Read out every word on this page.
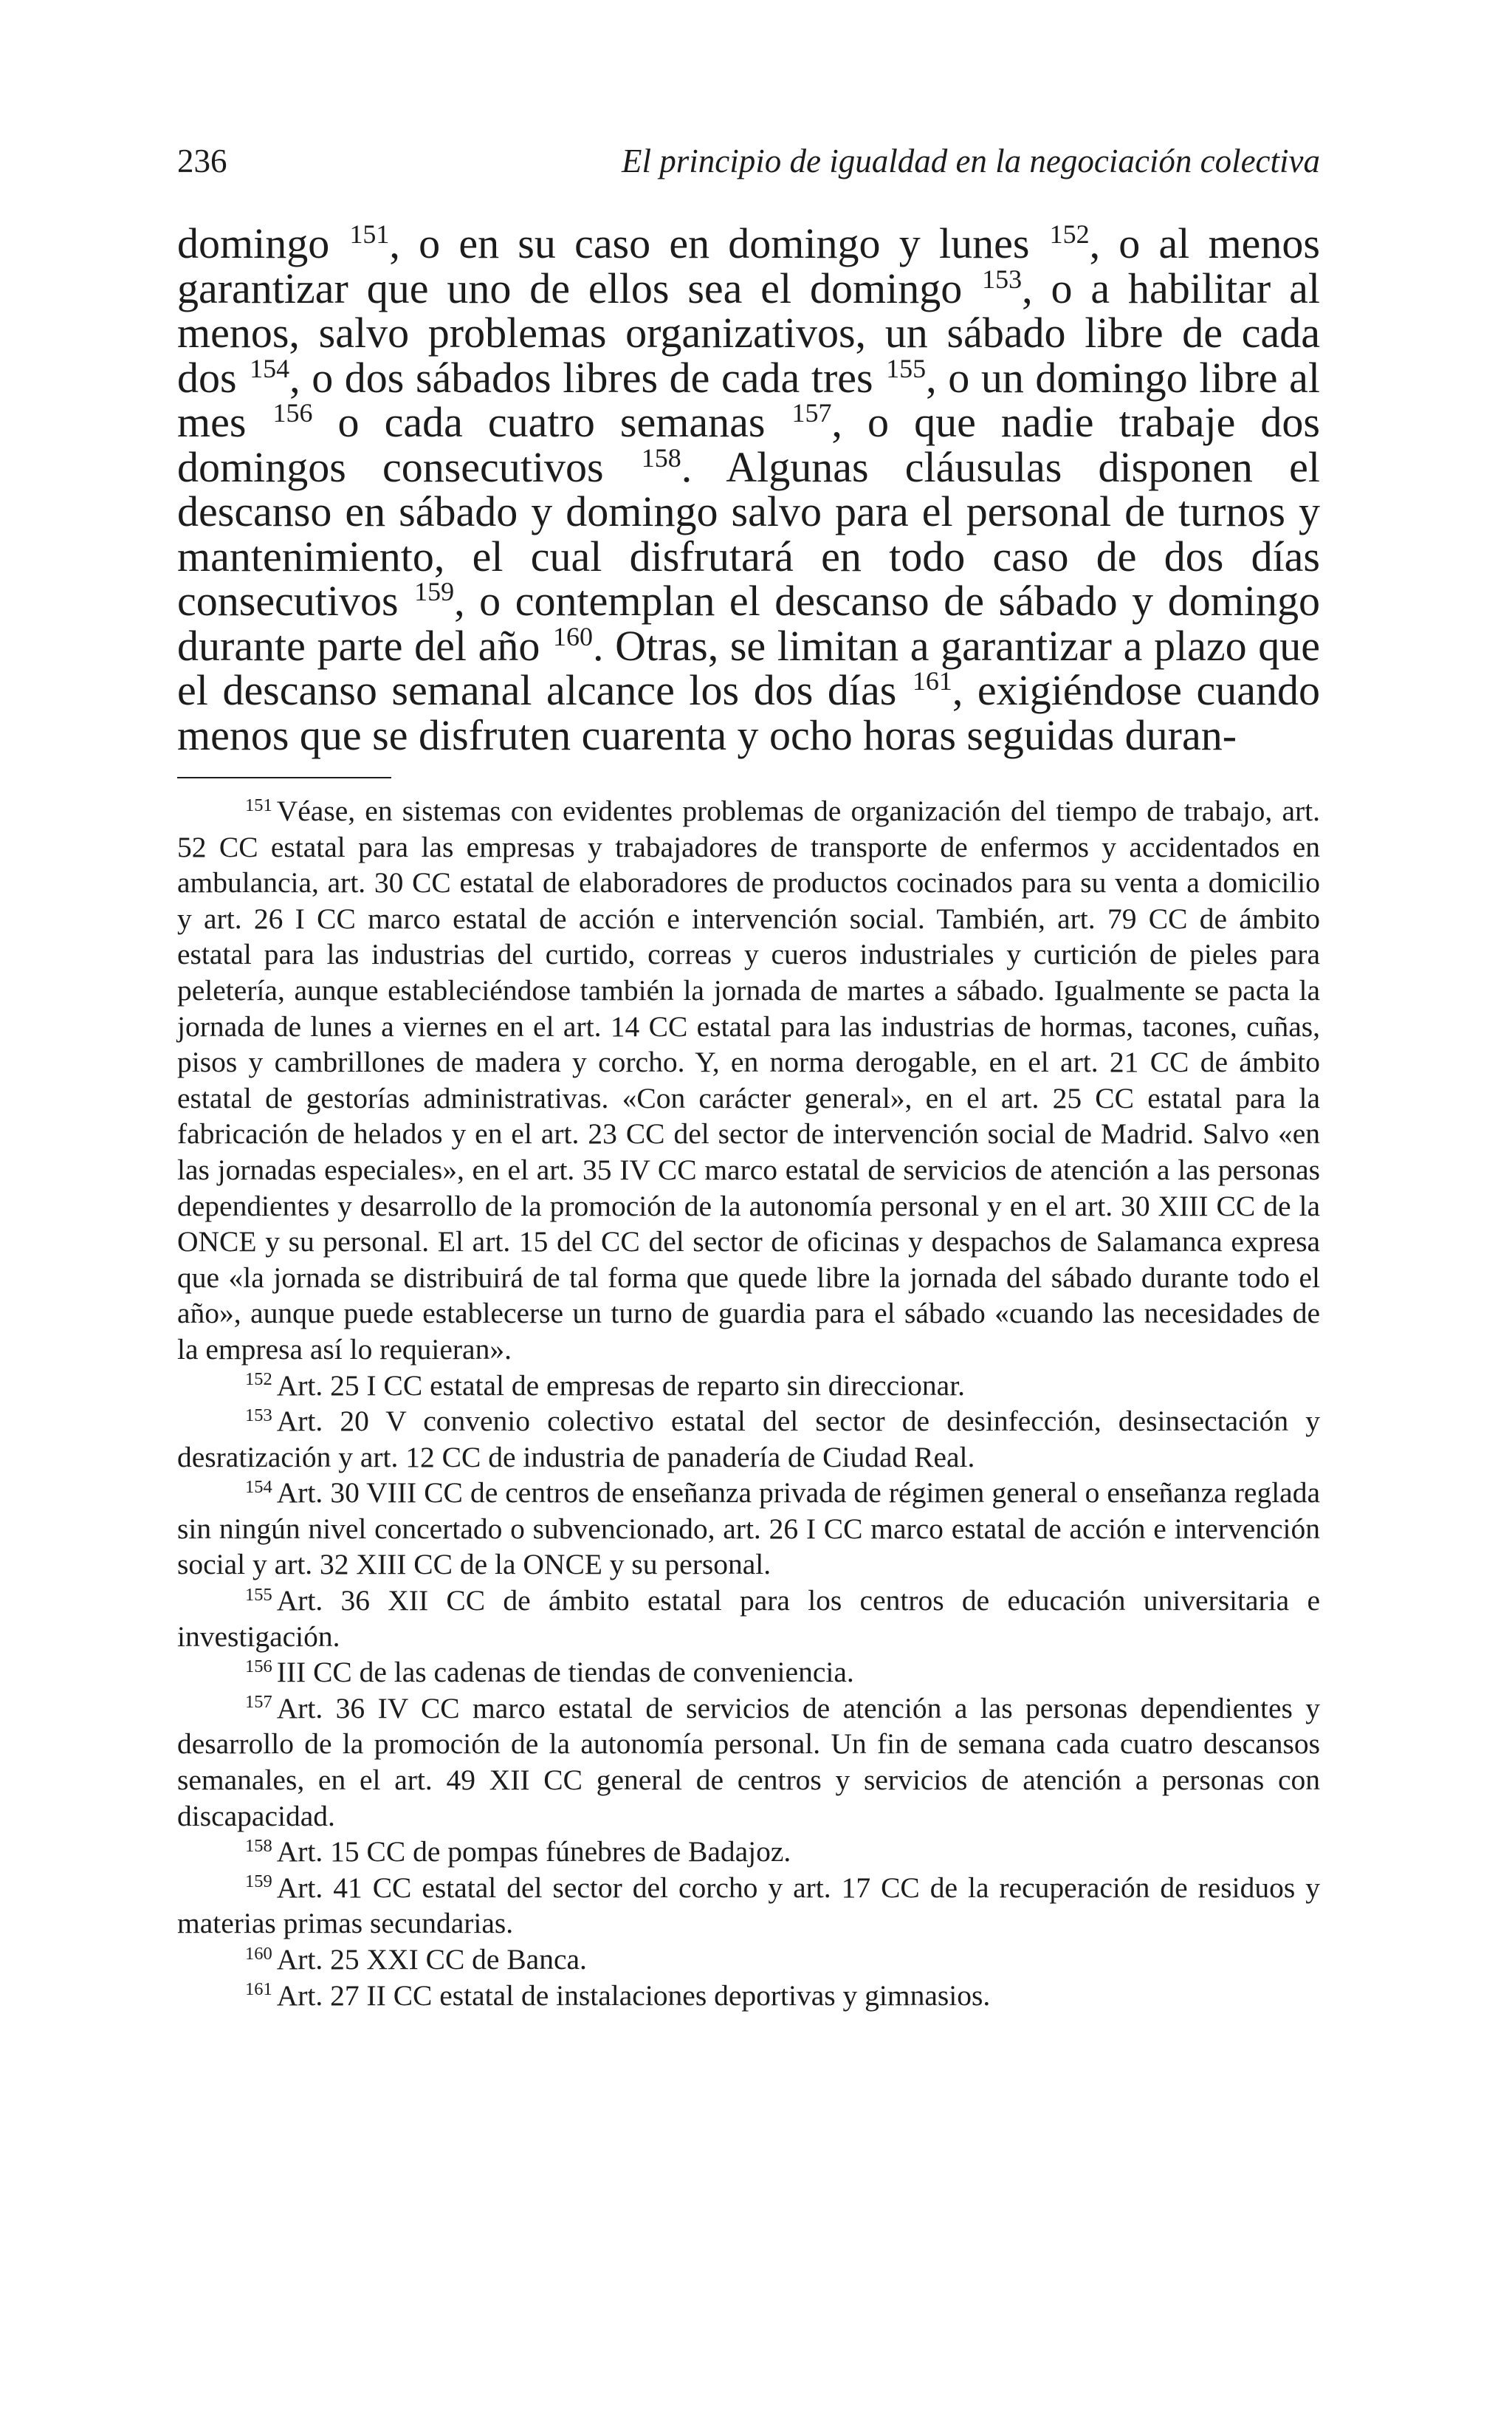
236	El principio de igualdad en la negociación colectiva

domingo $^{151}$, o en su caso en domingo y lunes $^{152}$, o al menos garantizar que uno de ellos sea el domingo $^{153}$, o a habilitar al menos, salvo problemas organizativos, un sábado libre de cada dos $^{154}$, o dos sábados libres de cada tres $^{155}$, o un domingo libre al mes $^{156}$ o cada cuatro semanas $^{157}$, o que nadie trabaje dos domingos consecutivos $^{158}$. Algunas cláusulas disponen el descanso en sábado y domingo salvo para el personal de turnos y mantenimiento, el cual disfrutará en todo caso de dos días consecutivos $^{159}$, o contemplan el descanso de sábado y domingo durante parte del año $^{160}$. Otras, se limitan a garantizar a plazo que el descanso semanal alcance los dos días $^{161}$, exigiéndose cuando menos que se disfruten cuarenta y ocho horas seguidas duran-

$^{151}$ Véase, en sistemas con evidentes problemas de organización del tiempo de trabajo, art. 52 CC estatal para las empresas y trabajadores de transporte de enfermos y accidentados en ambulancia, art. 30 CC estatal de elaboradores de productos cocinados para su venta a domicilio y art. 26 I CC marco estatal de acción e intervención social. También, art. 79 CC de ámbito estatal para las industrias del curtido, correas y cueros industriales y curtición de pieles para peletería, aunque estableciéndose también la jornada de martes a sábado. Igualmente se pacta la jornada de lunes a viernes en el art. 14 CC estatal para las industrias de hormas, tacones, cuñas, pisos y cambrillones de madera y corcho. Y, en norma derogable, en el art. 21 CC de ámbito estatal de gestorías administrativas. «Con carácter general», en el art. 25 CC estatal para la fabricación de helados y en el art. 23 CC del sector de intervención social de Madrid. Salvo «en las jornadas especiales», en el art. 35 IV CC marco estatal de servicios de atención a las personas dependientes y desarrollo de la promoción de la autonomía personal y en el art. 30 XIII CC de la ONCE y su personal. El art. 15 del CC del sector de oficinas y despachos de Salamanca expresa que «la jornada se distribuirá de tal forma que quede libre la jornada del sábado durante todo el año», aunque puede establecerse un turno de guardia para el sábado «cuando las necesidades de la empresa así lo requieran».

$^{152}$ Art. 25 I CC estatal de empresas de reparto sin direccionar.

$^{153}$ Art. 20 V convenio colectivo estatal del sector de desinfección, desinsectación y desratización y art. 12 CC de industria de panadería de Ciudad Real.

$^{154}$ Art. 30 VIII CC de centros de enseñanza privada de régimen general o enseñanza reglada sin ningún nivel concertado o subvencionado, art. 26 I CC marco estatal de acción e intervención social y art. 32 XIII CC de la ONCE y su personal.

$^{155}$ Art. 36 XII CC de ámbito estatal para los centros de educación universitaria e investigación.

$^{156}$ III CC de las cadenas de tiendas de conveniencia.

$^{157}$ Art. 36 IV CC marco estatal de servicios de atención a las personas dependientes y desarrollo de la promoción de la autonomía personal. Un fin de semana cada cuatro descansos semanales, en el art. 49 XII CC general de centros y servicios de atención a personas con discapacidad.

$^{158}$ Art. 15 CC de pompas fúnebres de Badajoz.

$^{159}$ Art. 41 CC estatal del sector del corcho y art. 17 CC de la recuperación de residuos y materias primas secundarias.

$^{160}$ Art. 25 XXI CC de Banca.

$^{161}$ Art. 27 II CC estatal de instalaciones deportivas y gimnasios.
